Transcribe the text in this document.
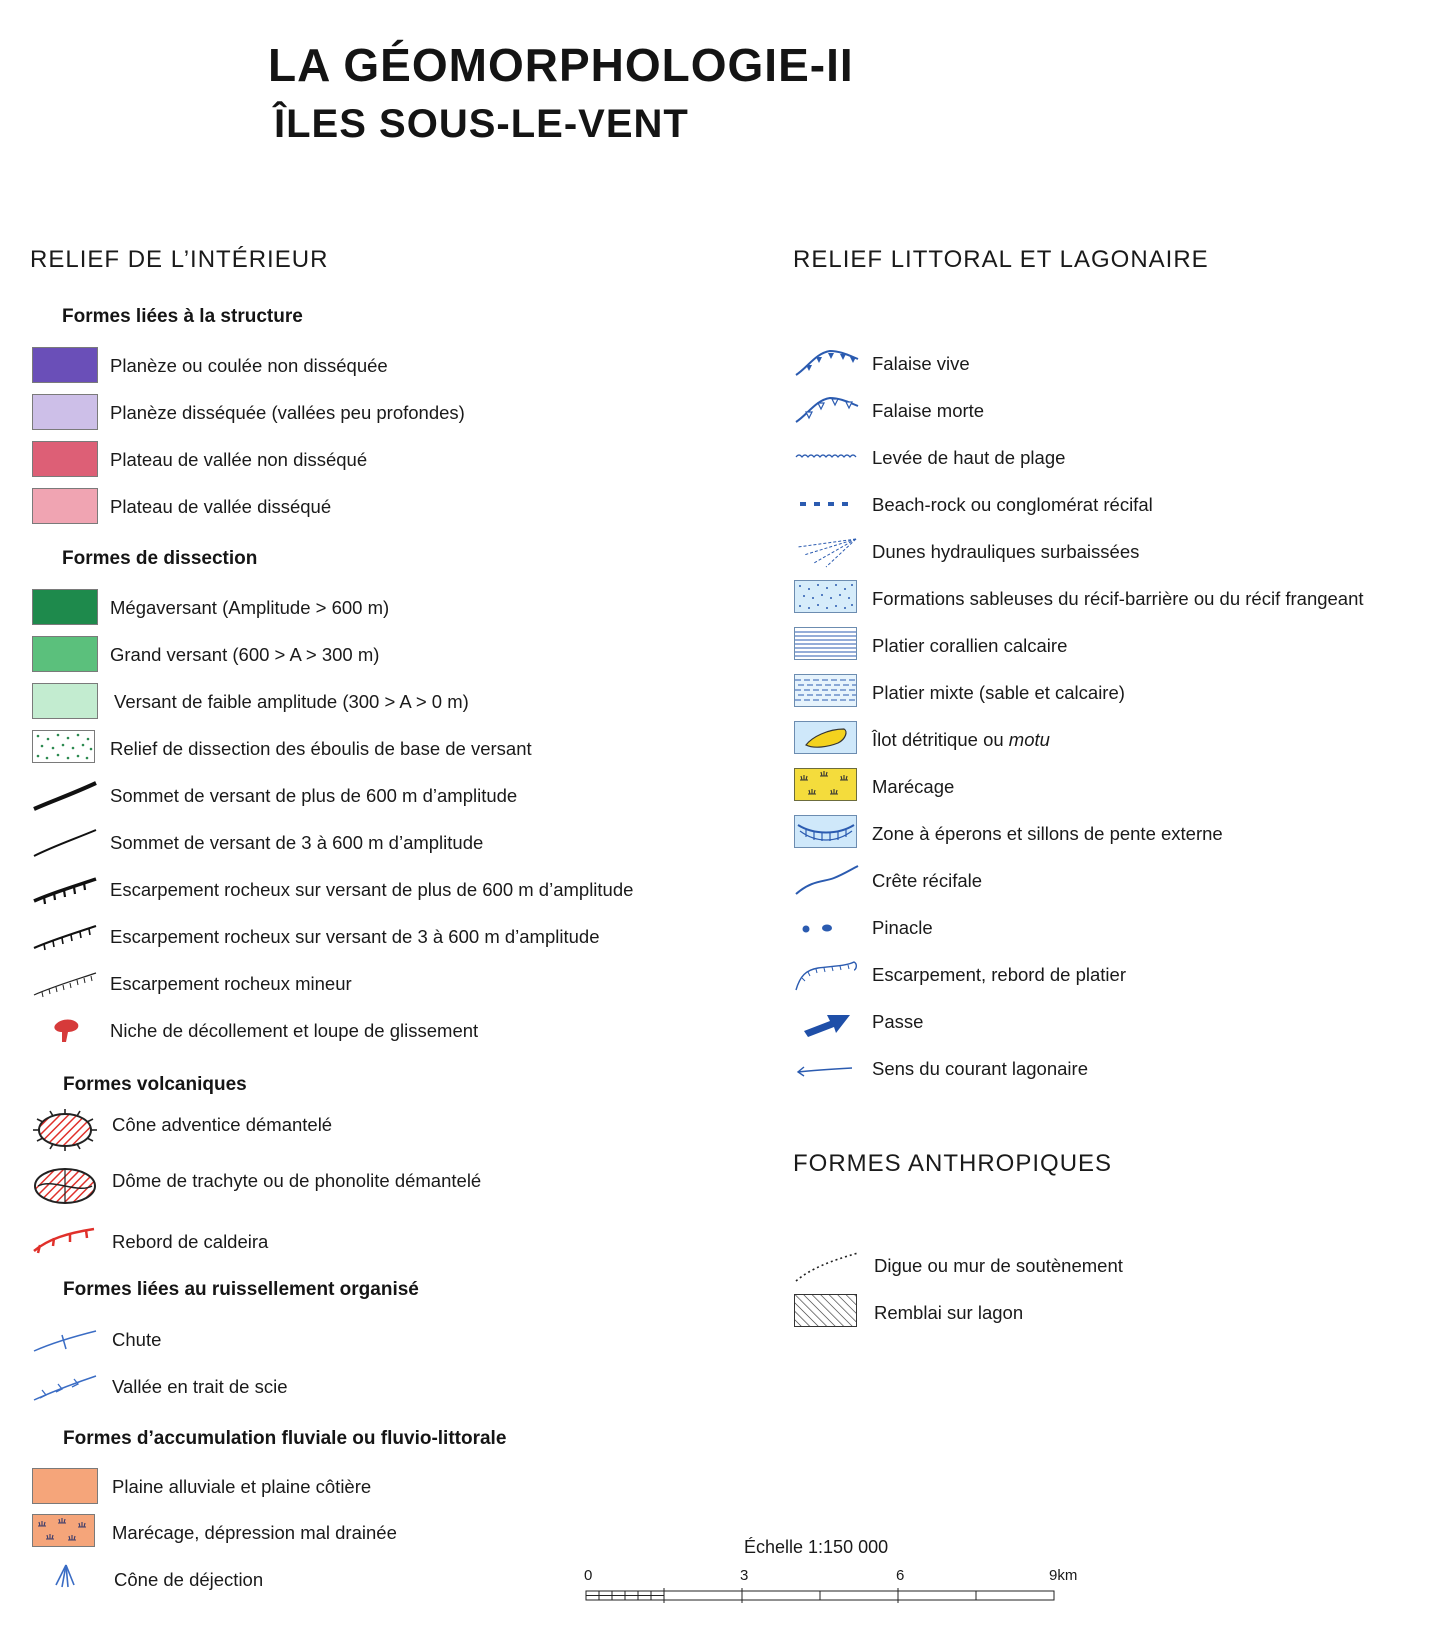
LA GÉOMORPHOLOGIE-II
ÎLES SOUS-LE-VENT
RELIEF DE L’INTÉRIEUR
Formes liées à la structure
Planèze ou coulée non disséquée
Planèze disséquée (vallées peu profondes)
Plateau de vallée non disséqué
Plateau de vallée disséqué
Formes de dissection
Mégaversant (Amplitude > 600 m)
Grand versant (600 > A > 300 m)
Versant de faible amplitude (300 > A > 0 m)
Relief de dissection des éboulis de base de versant
Sommet de versant de plus de 600 m d’amplitude
Sommet de versant de 3 à 600 m d’amplitude
Escarpement rocheux sur versant de plus de 600 m d’amplitude
Escarpement rocheux sur versant de 3 à 600 m d’amplitude
Escarpement rocheux mineur
Niche de décollement et loupe de glissement
Formes volcaniques
Cône adventice démantelé
Dôme de trachyte ou de phonolite démantelé
Rebord de caldeira
Formes liées au ruissellement organisé
Chute
Vallée en trait de scie
Formes d’accumulation fluviale ou fluvio-littorale
Plaine alluviale et plaine côtière
Marécage, dépression mal drainée
Cône de déjection
RELIEF LITTORAL ET LAGONAIRE
Falaise vive
Falaise morte
Levée de haut de plage
Beach-rock ou conglomérat récifal
Dunes hydrauliques surbaissées
Formations sableuses du récif-barrière ou du récif frangeant
Platier corallien calcaire
Platier mixte (sable et calcaire)
Îlot détritique ou motu
Marécage
Zone à éperons et sillons de pente externe
Crête récifale
Pinacle
Escarpement, rebord de platier
Passe
Sens du courant lagonaire
FORMES ANTHROPIQUES
Digue ou mur de soutènement
Remblai sur lagon
Échelle 1:150 000
0	3	6	9km
